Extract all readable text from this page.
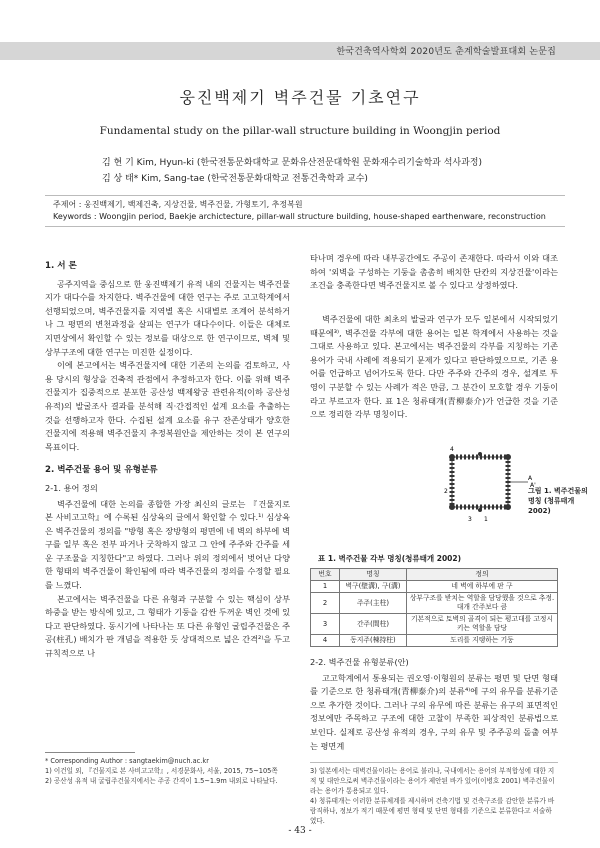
한국건축역사학회 2020년도 춘계학술발표대회 논문집
웅진백제기 벽주건물 기초연구
Fundamental study on the pillar-wall structure building in Woongjin period
김 현 기 Kim, Hyun-ki (한국전통문화대학교 문화유산전문대학원 문화재수리기술학과 석사과정)
김 상 태* Kim, Sang-tae (한국전통문화대학교 전통건축학과 교수)
주제어 : 웅진백제기, 백제건축, 지상건물, 벽주건물, 가형토기, 추정복원
Keywords : Woongjin period, Baekje archictecture, pillar-wall structure building, house-shaped earthenware, reconstruction
1. 서 론

공주지역을 중심으로 한 웅진백제기 유적 내의 건물지는 벽주건물지가 대다수를 차지한다. 벽주건물에 대한 연구는 주로 고고학계에서 선행되었으며, 벽주건물지를 지역별 혹은 시대별로 조계어 분석하거나 그 평면의 변천과정을 살피는 연구가 대다수이다. 이들은 대체로 지면상에서 확인할 수 있는 정보를 대상으로 한 연구이므로, 벽체 및 상부구조에 대한 연구는 미진한 실정이다.

이에 본고에서는 벽주건물지에 대한 기존의 논의를 검토하고, 사용 당시의 형상을 건축적 관점에서 추정하고자 한다. 이를 위해 벽주건물지가 집중적으로 분포한 공산성 백제왕궁 관련유적(이하 공산성 유적)의 발굴조사 결과를 분석해 직·간접적인 설계 요소를 추출하는 것을 선행하고자 한다. 수집된 설계 요소를 유구 잔존상태가 양호한 건물지에 적용해 벽주건물지 추정복원안을 제안하는 것이 본 연구의 목표이다.

2. 벽주건물 용어 및 유형분류
2-1. 용어 정의

벽주건물에 대한 논의를 종합한 가장 최신의 글로는 『건물지로 본 사비고고학』에 수록된 심상육의 글에서 확인할 수 있다.¹⁾ 심상육은 벽주건물의 정의를 "방형 혹은 장방형의 평면에 네 벽의 하부에 벽구를 일부 혹은 전부 파거나 굿착하지 않고 그 안에 주주와 간주를 세운 구조물을 지칭한다"고 하였다. 그러나 위의 정의에서 벗어난 다양한 형태의 벽주건물이 확인됨에 따라 벽주건물의 정의를 수정할 필요를 느꼈다.

본고에서는 벽주건물을 다른 유형과 구분할 수 있는 핵심이 상부 하중을 받는 방식에 있고, 그 형태가 기둥을 감싼 두꺼운 벽인 것에 있다고 판단하였다. 동시기에 나타나는 또 다른 유형인 굴립주건물은 주공(柱孔) 배치가 판 개념을 적용한 듯 상대적으로 넓은 간격²⁾을 두고 규칙적으로 나

* Corresponding Author : sangtaekim@nuch.ac.kr

1) 이건일 외, 『건물지로 본 사비고고학』, 서경문화사, 서울, 2015, 75~105쪽

2) 공산성 유적 내 굴립주건물지에서는 주공 간격이 1.5~1.9m 내외로 나타났다.

타나며 경우에 따라 내부공간에도 주공이 존재한다. 따라서 이와 대조하여 '외벽을 구성하는 기둥을 촘촘히 배치한 단칸의 지상건물'이라는 조건을 충족한다면 벽주건물지로 볼 수 있다고 상정하였다.

벽주건물에 대한 최초의 발굴과 연구가 모두 일본에서 시작되었기 때문에³⁾, 벽주건물 각부에 대한 용어는 일본 학계에서 사용하는 것을 그대로 사용하고 있다. 본고에서는 벽주건물의 각부를 지칭하는 기존 용어가 국내 사례에 적용되기 문제가 있다고 판단하였으므로, 기존 용어를 언급하고 넘어가도록 한다. 다만 주주와 간주의 경우, 설계로 투영이 구분할 수 있는 사례가 적은 만큼, 그 분간이 모호할 경우 기둥이라고 부르고자 한다. 표 1은 청류태개(青柳泰介)가 언급한 것을 기준으로 정리한 각부 명칭이다.

4
2
3 1
A
A'
그림 1. 벽주건물의 명칭 (청류태개 2002)
표 1. 벽주건물 각부 명칭(청류태개 2002)
번호	명칭	정의
1	벽구(壁溝), 구(溝)	네 벽에 하부에 판 구
2	주주(主柱)	상부구조를 받치는 역할을 담당했을 것으로 추정. 대개 간주보다 큼
3	간주(間柱)	기본적으로 토벽의 골격이 되는 평고대를 고정시키는 역할을 담당
4	동지주(棟持柱)	도리를 지탱하는 기둥
2-2. 벽주건물 유형분류(안)

고고학계에서 통용되는 권오영·이형원의 분류는 평면 및 단면 형태를 기준으로 한 청류태개(青柳泰介)의 분류⁴⁾에 구의 유무를 분류기준으로 추가한 것이다. 그러나 구의 유무에 따른 분류는 유구의 표면적인 정보에만 주목하고 구조에 대한 고찰이 부족한 피상적인 분류법으로 보인다. 실제로 공산성 유적의 경우, 구의 유무 및 주주공의 돌출 여부는 평면계

3) 일본에서는 대벽건물이라는 용어로 불리나, 국내에서는 용어의 부적합성에 대한 지적 및 대안으로써 벽주건물이라는 용어가 제안된 바가 있어(이병호 2001) 벽주건물이라는 용어가 통용되고 있다.

4) 청류태개는 이러한 분류체계를 제시하며 건축기법 및 건축구조를 감안한 분류가 바람직하나, 정보가 적기 때문에 평면 형태 및 단면 형태를 기준으로 분류한다고 서술하였다.

- 43 -
